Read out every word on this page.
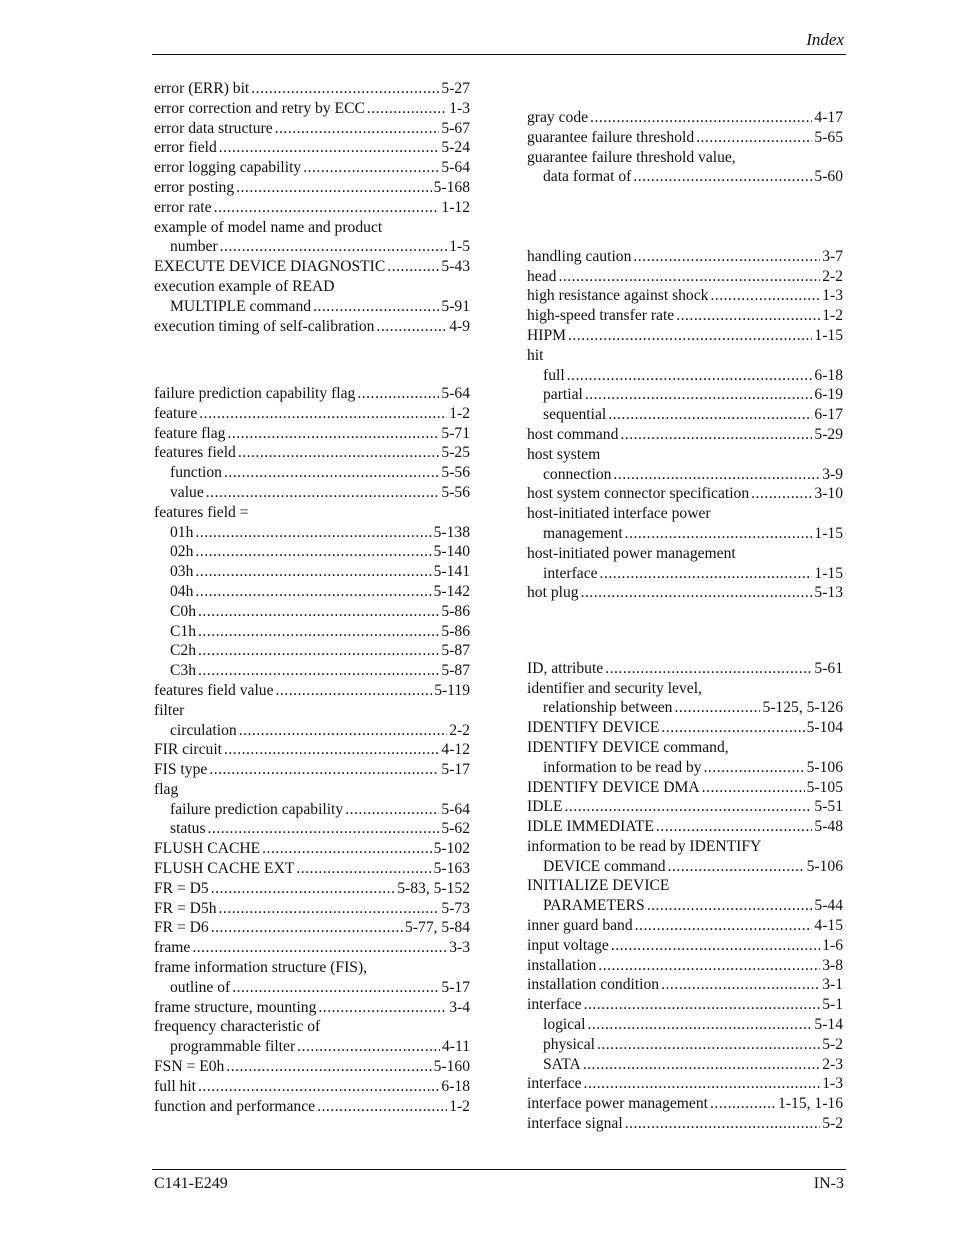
Index
error (ERR) bit .....	5-27
error correction and retry by ECC .....	1-3
error data structure .....	5-67
error field .....	5-24
error logging capability .....	5-64
error posting .....	5-168
error rate .....	1-12
example of model name and product
number .....	1-5
EXECUTE DEVICE DIAGNOSTIC .....	5-43
execution example of READ
MULTIPLE command .....	5-91
execution timing of self-calibration .....	4-9
failure prediction capability flag .....	5-64
feature .....	1-2
feature flag .....	5-71
features field .....	5-25
function .....	5-56
value .....	5-56
features field =
01h .....	5-138
02h .....	5-140
03h .....	5-141
04h .....	5-142
C0h .....	5-86
C1h .....	5-86
C2h .....	5-87
C3h .....	5-87
features field value .....	5-119
filter
circulation .....	2-2
FIR circuit .....	4-12
FIS type .....	5-17
flag
failure prediction capability .....	5-64
status .....	5-62
FLUSH CACHE .....	5-102
FLUSH CACHE EXT .....	5-163
FR = D5 .....	5-83, 5-152
FR = D5h .....	5-73
FR = D6 .....	5-77, 5-84
frame .....	3-3
frame information structure (FIS),
outline of .....	5-17
frame structure, mounting .....	3-4
frequency characteristic of
programmable filter .....	4-11
FSN = E0h .....	5-160
full hit .....	6-18
function and performance .....	1-2
gray code .....	4-17
guarantee failure threshold .....	5-65
guarantee failure threshold value,
data format of .....	5-60
handling caution .....	3-7
head .....	2-2
high resistance against shock .....	1-3
high-speed transfer rate .....	1-2
HIPM .....	1-15
hit
full .....	6-18
partial .....	6-19
sequential .....	6-17
host command .....	5-29
host system
connection .....	3-9
host system connector specification .....	3-10
host-initiated interface power
management .....	1-15
host-initiated power management
interface .....	1-15
hot plug .....	5-13
ID, attribute .....	5-61
identifier and security level,
relationship between .....	5-125, 5-126
IDENTIFY DEVICE .....	5-104
IDENTIFY DEVICE command,
information to be read by .....	5-106
IDENTIFY DEVICE DMA .....	5-105
IDLE .....	5-51
IDLE IMMEDIATE .....	5-48
information to be read by IDENTIFY
DEVICE command .....	5-106
INITIALIZE DEVICE
PARAMETERS .....	5-44
inner guard band .....	4-15
input voltage .....	1-6
installation .....	3-8
installation condition .....	3-1
interface .....	5-1
logical .....	5-14
physical .....	5-2
SATA .....	2-3
interface .....	1-3
interface power management .....	1-15, 1-16
interface signal .....	5-2
C141-E249	IN-3
